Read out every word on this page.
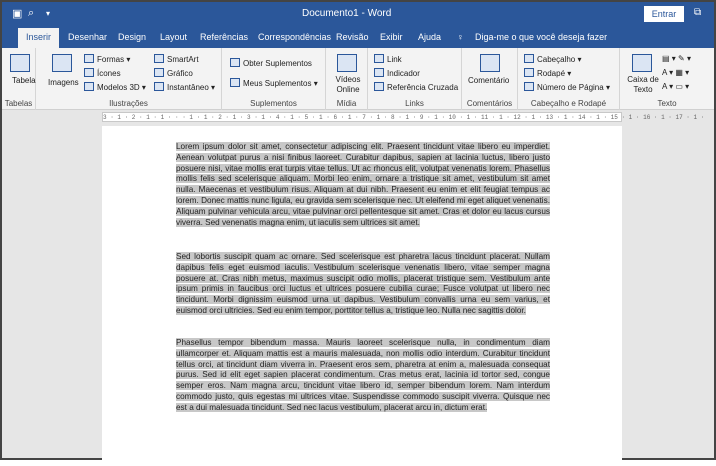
▣ ⌕ ▾	Documento1 - Word	Entrar	⧉
Inserir	Desenhar Design Layout Referências Correspondências Revisão Exibir Ajuda ♀ Diga-me o que você deseja fazer
Tabela
Tabelas
Imagens
Formas ▾
Ícones
Modelos 3D ▾
SmartArt
Gráfico
Instantâneo ▾
Ilustrações
Obter Suplementos
Meus Suplementos ▾
Suplementos
Vídeos Online
Mídia
Link
Indicador
Referência Cruzada
Links
Comentário
Comentários
Cabeçalho ▾
Rodapé ▾
Número de Página ▾
Cabeçalho e Rodapé
Caixa de Texto
▤ ▾ ✎ ▾
A ▾ ▦ ▾
A ▾ ▭ ▾
Texto
3 · 1 · 2 · 1 · 1 · · · 1 · 1 · 2 · 1 · 3 · 1 · 4 · 1 · 5 · 1 · 6 · 1 · 7 · 1 · 8 · 1 · 9 · 1 · 10 · 1 · 11 · 1 · 12 · 1 · 13 · 1 · 14 · 1 · 15 · 1 · 16 · 1 · 17 · 1 ·

Lorem ipsum dolor sit amet, consectetur adipiscing elit. Praesent tincidunt vitae libero eu imperdiet. Aenean volutpat purus a nisi finibus laoreet. Curabitur dapibus, sapien at lacinia luctus, libero justo posuere nisi, vitae mollis erat turpis vitae tellus. Ut ac rhoncus elit, volutpat venenatis lorem. Phasellus mollis felis sed scelerisque aliquam. Morbi leo enim, ornare a tristique sit amet, vestibulum sit amet nulla. Maecenas et vestibulum risus. Aliquam at dui nibh. Praesent eu enim et elit feugiat tempus ac lorem. Donec mattis nunc ligula, eu gravida sem scelerisque nec. Ut eleifend mi eget aliquet venenatis. Aliquam pulvinar vehicula arcu, vitae pulvinar orci pellentesque sit amet. Cras et dolor eu lacus cursus viverra. Sed venenatis magna enim, ut iaculis sem ultrices sit amet.

Sed lobortis suscipit quam ac ornare. Sed scelerisque est pharetra lacus tincidunt placerat. Nullam dapibus felis eget euismod iaculis. Vestibulum scelerisque venenatis libero, vitae semper magna posuere at. Cras nibh metus, maximus suscipit odio mollis, placerat tristique sem. Vestibulum ante ipsum primis in faucibus orci luctus et ultrices posuere cubilia curae; Fusce volutpat ut libero nec tincidunt. Morbi dignissim euismod urna ut dapibus. Vestibulum convallis urna eu sem varius, et euismod orci ultricies. Sed eu enim tempor, porttitor tellus a, tristique leo. Nulla nec sagittis dolor.

Phasellus tempor bibendum massa. Mauris laoreet scelerisque nulla, in condimentum diam ullamcorper et. Aliquam mattis est a mauris malesuada, non mollis odio interdum. Curabitur tincidunt tellus orci, at tincidunt diam viverra in. Praesent eros sem, pharetra at enim a, malesuada consequat purus. Sed id elit eget sapien placerat condimentum. Cras metus erat, lacinia id tortor sed, congue semper eros. Nam magna arcu, tincidunt vitae libero id, semper bibendum lorem. Nam interdum commodo justo, quis egestas mi ultrices vitae. Suspendisse commodo suscipit viverra. Quisque nec est a dui malesuada tincidunt. Sed nec lacus vestibulum, placerat arcu in, dictum erat.
